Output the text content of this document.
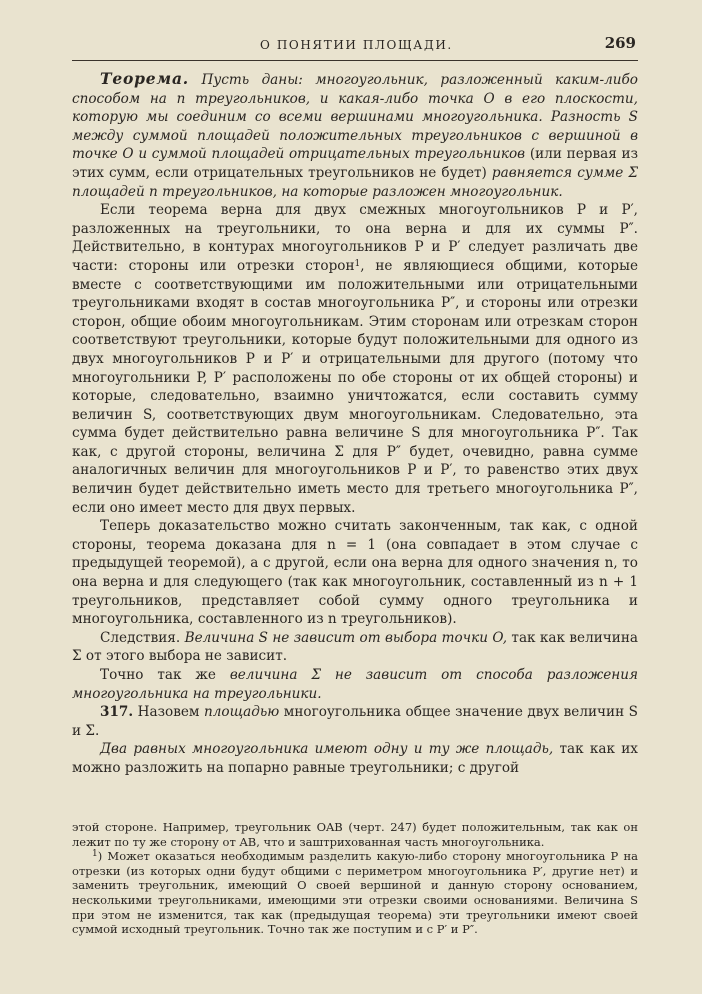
О ПОНЯТИИ ПЛОЩАДИ.	269

Теорема. Пусть даны: многоугольник, разложенный каким-либо способом на n треугольников, и какая-либо точка O в его плоскости, которую мы соединим со всеми вершинами многоугольника. Разность S между суммой площадей положительных треугольников с вершиной в точке O и суммой площадей отрицательных треугольников (или первая из этих сумм, если отрицательных треугольников не будет) равняется сумме Σ площадей n треугольников, на которые разложен многоугольник.

Если теорема верна для двух смежных многоугольников P и P′, разложенных на треугольники, то она верна и для их суммы P″. Действительно, в контурах многоугольников P и P′ следует различать две части: стороны или отрезки сторон$^1$, не являющиеся общими, которые вместе с соответствующими им положительными или отрицательными треугольниками входят в состав многоугольника P″, и стороны или отрезки сторон, общие обоим многоугольникам. Этим сторонам или отрезкам сторон соответствуют треугольники, которые будут положительными для одного из двух многоугольников P и P′ и отрицательными для другого (потому что многоугольники P, P′ расположены по обе стороны от их общей стороны) и которые, следовательно, взаимно уничтожатся, если составить сумму величин S, соответствующих двум многоугольникам. Следовательно, эта сумма будет действительно равна величине S для многоугольника P″. Так как, с другой стороны, величина Σ для P″ будет, очевидно, равна сумме аналогичных величин для многоугольников P и P′, то равенство этих двух величин будет действительно иметь место для третьего многоугольника P″, если оно имеет место для двух первых.

Теперь доказательство можно считать законченным, так как, с одной стороны, теорема доказана для n = 1 (она совпадает в этом случае с предыдущей теоремой), а с другой, если она верна для одного значения n, то она верна и для следующего (так как многоугольник, составленный из n + 1 треугольников, представляет собой сумму одного треугольника и многоугольника, составленного из n треугольников).

Следствия. Величина S не зависит от выбора точки O, так как величина Σ от этого выбора не зависит.

Точно так же величина Σ не зависит от способа разложения многоугольника на треугольники.

317. Назовем площадью многоугольника общее значение двух величин S и Σ.

Два равных многоугольника имеют одну и ту же площадь, так как их можно разложить на попарно равные треугольники; с другой

этой стороне. Например, треугольник OAB (черт. 247) будет положительным, так как он лежит по ту же сторону от AB, что и заштрихованная часть многоугольника.

$^1$) Может оказаться необходимым разделить какую-либо сторону многоугольника P на отрезки (из которых одни будут общими с периметром многоугольника P′, другие нет) и заменить треугольник, имеющий O своей вершиной и данную сторону основанием, несколькими треугольниками, имеющими эти отрезки своими основаниями. Величина S при этом не изменится, так как (предыдущая теорема) эти треугольники имеют своей суммой исходный треугольник. Точно так же поступим и с P′ и P″.
